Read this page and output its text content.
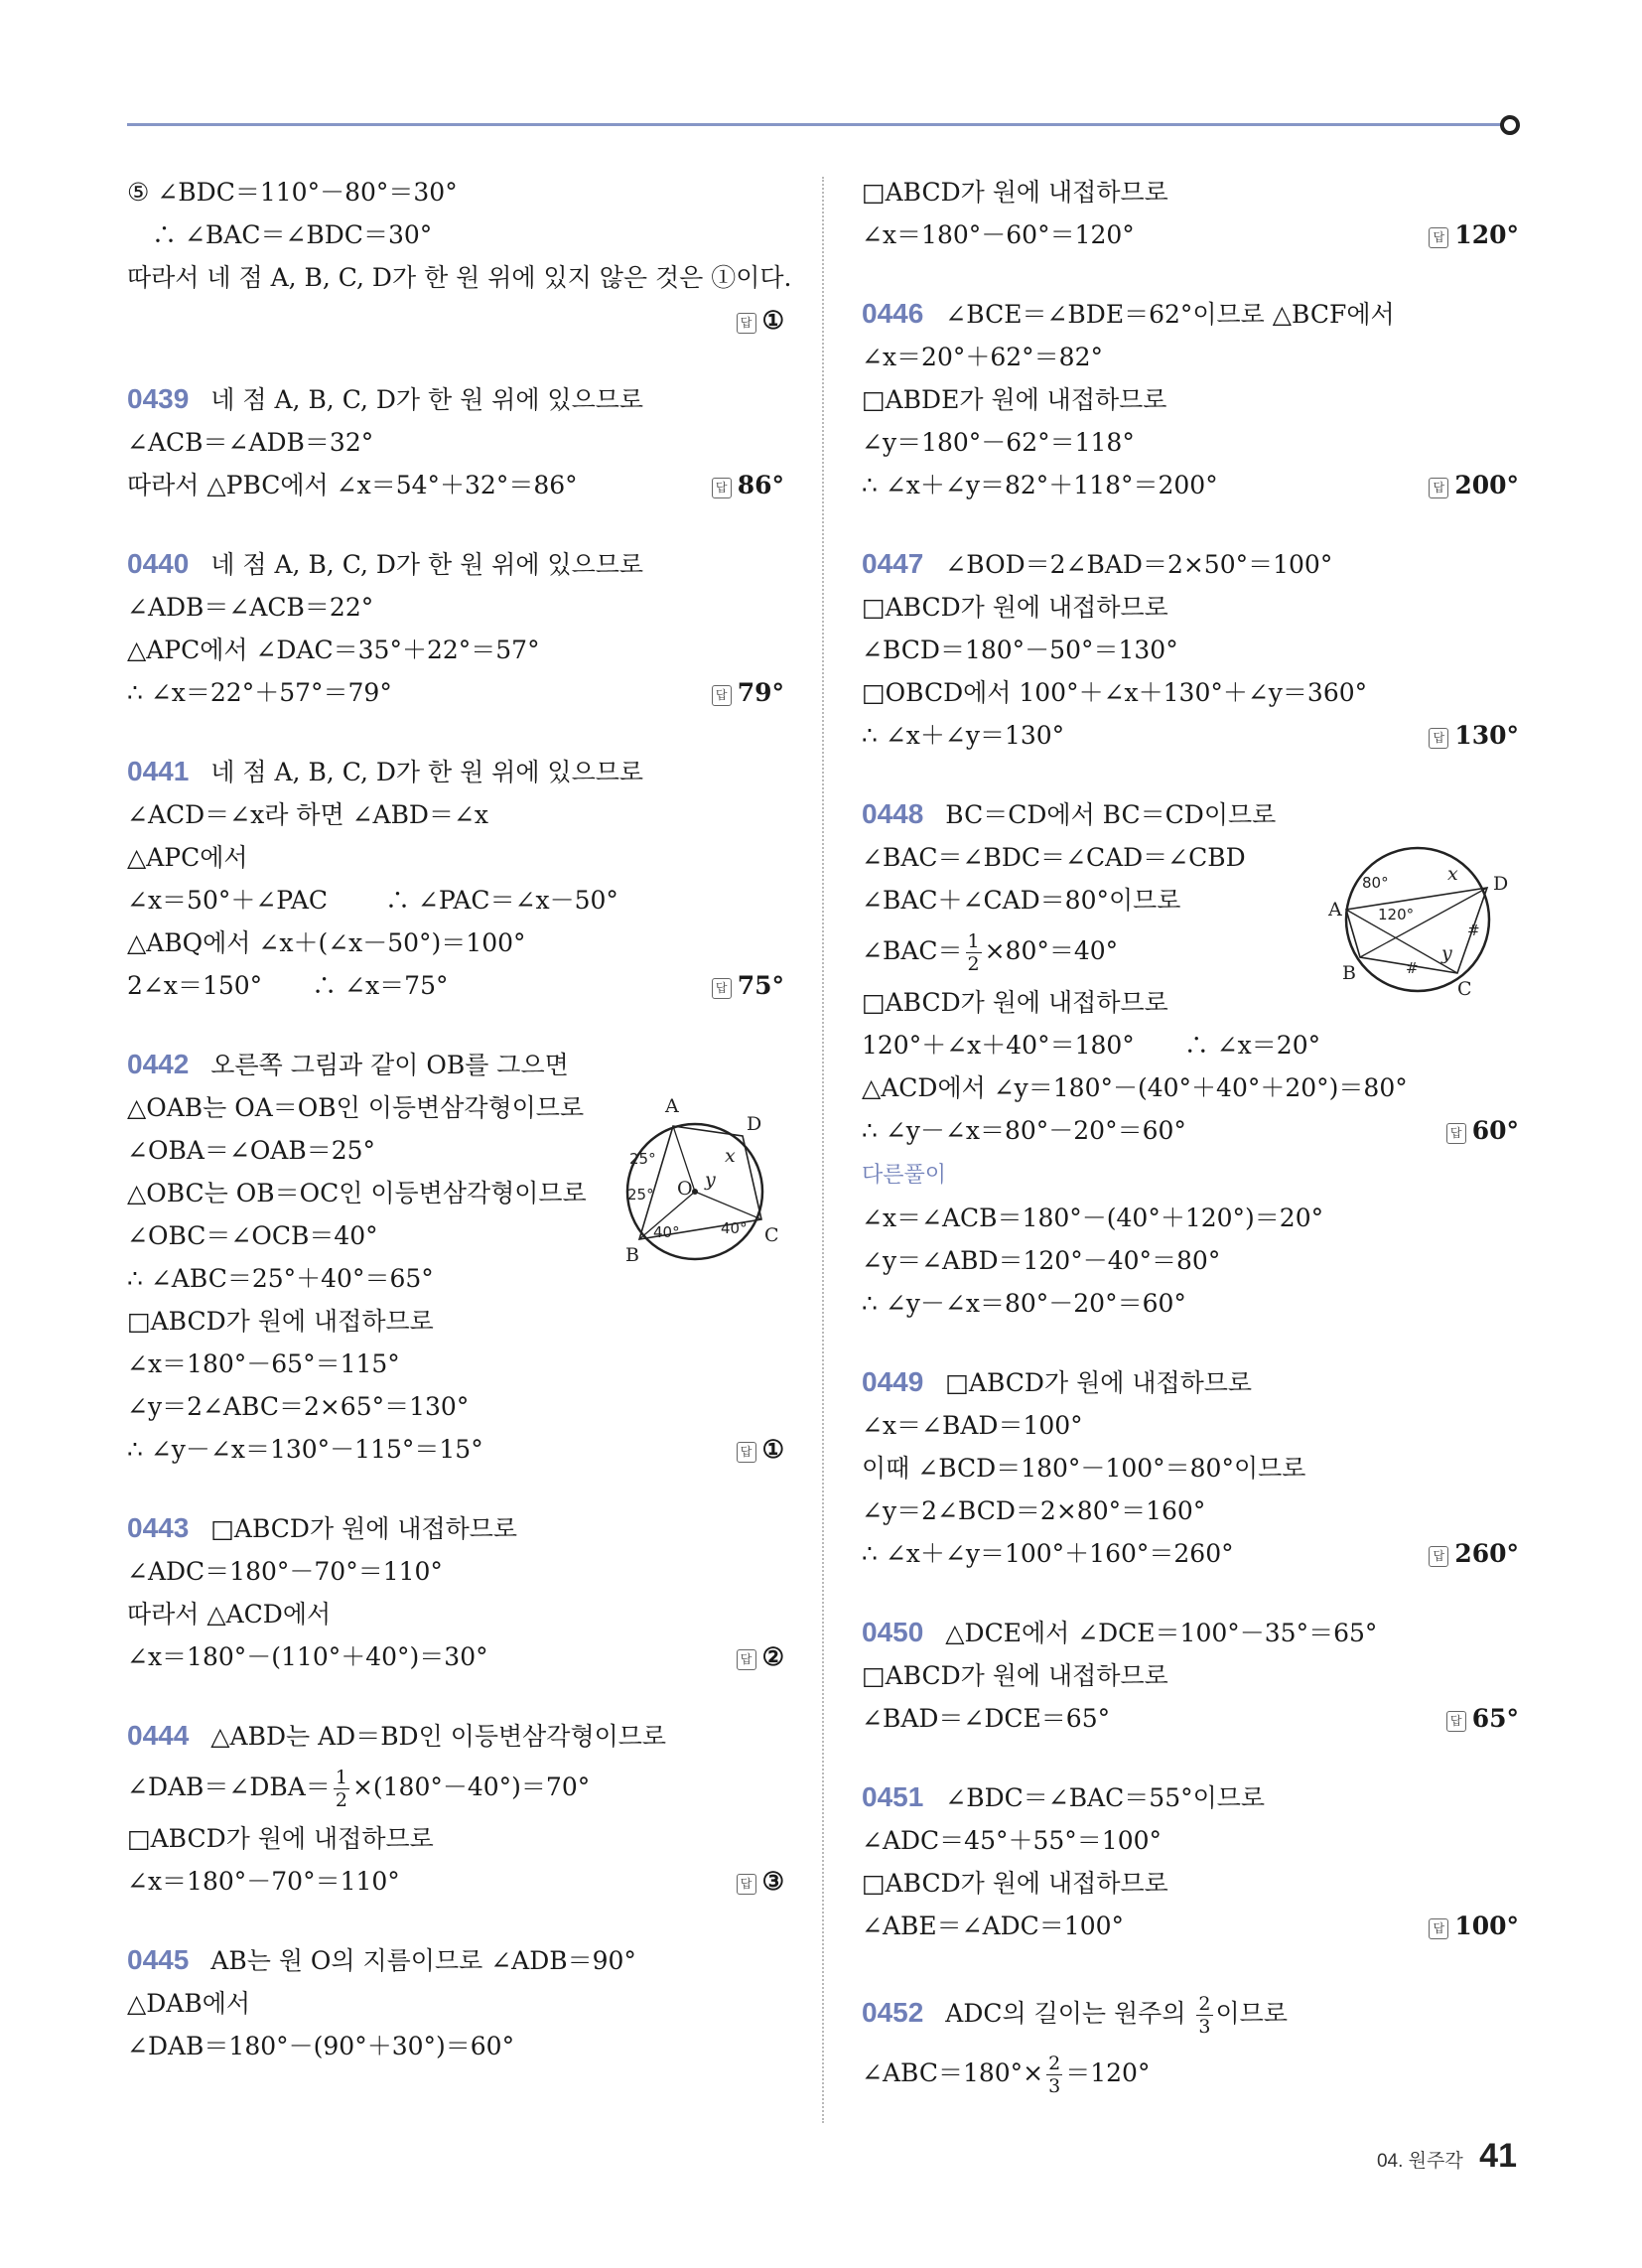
⑤ ∠BDC＝110°－80°＝30°
　∴ ∠BAC＝∠BDC＝30°
따라서 네 점 A, B, C, D가 한 원 위에 있지 않은 것은 ①이다.
답 ①
0439 네 점 A, B, C, D가 한 원 위에 있으므로
∠ACB＝∠ADB＝32°
따라서 △PBC에서 ∠x＝54°＋32°＝86°	답 86°
0440 네 점 A, B, C, D가 한 원 위에 있으므로
∠ADB＝∠ACB＝22°
△APC에서 ∠DAC＝35°＋22°＝57°
∴ ∠x＝22°＋57°＝79°	답 79°
0441 네 점 A, B, C, D가 한 원 위에 있으므로
∠ACD＝∠x라 하면 ∠ABD＝∠x
△APC에서
∠x＝50°＋∠PAC　　 ∴ ∠PAC＝∠x－50°
△ABQ에서 ∠x＋(∠x－50°)＝100°
2∠x＝150°　　∴ ∠x＝75°	답 75°
0442 오른쪽 그림과 같이 OB를 그으면
△OAB는 OA＝OB인 이등변삼각형이므로
∠OBA＝∠OAB＝25°
△OBC는 OB＝OC인 이등변삼각형이므로
∠OBC＝∠OCB＝40°
∴ ∠ABC＝25°＋40°＝65°
□ABCD가 원에 내접하므로
∠x＝180°－65°＝115°
∠y＝2∠ABC＝2×65°＝130°
∴ ∠y－∠x＝130°－115°＝15°	답 ①
0443 □ABCD가 원에 내접하므로
∠ADC＝180°－70°＝110°
따라서 △ACD에서
∠x＝180°－(110°＋40°)＝30°	답 ②
0444 △ABD는 AD＝BD인 이등변삼각형이므로
∠DAB＝∠DBA＝ $\frac{1}{2} \times(180^\circ-40^\circ)=70^\circ$
□ABCD가 원에 내접하므로
∠x＝180°－70°＝110°	답 ③
0445 AB는 원 O의 지름이므로 ∠ADB＝90°
△DAB에서
∠DAB＝180°－(90°＋30°)＝60°
□ABCD가 원에 내접하므로
∠x＝180°－60°＝120°	답 120°
0446 ∠BCE＝∠BDE＝62°이므로 △BCF에서
∠x＝20°＋62°＝82°
□ABDE가 원에 내접하므로
∠y＝180°－62°＝118°
∴ ∠x＋∠y＝82°＋118°＝200°	답 200°
0447 ∠BOD＝2∠BAD＝2×50°＝100°
□ABCD가 원에 내접하므로
∠BCD＝180°－50°＝130°
□OBCD에서 100°＋∠x＋130°＋∠y＝360°
∴ ∠x＋∠y＝130°	답 130°
0448 BC＝CD에서 BC＝CD이므로
∠BAC＝∠BDC＝∠CAD＝∠CBD
∠BAC＋∠CAD＝80°이므로
∠BAC＝ $\frac{1}{2} \times 80^\circ=40^\circ$
□ABCD가 원에 내접하므로
120°＋∠x＋40°＝180°　　∴ ∠x＝20°
△ACD에서 ∠y＝180°－(40°＋40°＋20°)＝80°
∴ ∠y－∠x＝80°－20°＝60°	답 60°
다른풀이
∠x＝∠ACB＝180°－(40°＋120°)＝20°
∠y＝∠ABD＝120°－40°＝80°
∴ ∠y－∠x＝80°－20°＝60°
0449 □ABCD가 원에 내접하므로
∠x＝∠BAD＝100°
이때 ∠BCD＝180°－100°＝80°이므로
∠y＝2∠BCD＝2×80°＝160°
∴ ∠x＋∠y＝100°＋160°＝260°	답 260°
0450 △DCE에서 ∠DCE＝100°－35°＝65°
□ABCD가 원에 내접하므로
∠BAD＝∠DCE＝65°	답 65°
0451 ∠BDC＝∠BAC＝55°이므로
∠ADC＝45°＋55°＝100°
□ABCD가 원에 내접하므로
∠ABE＝∠ADC＝100°	답 100°
0452 ADC의 길이는 원주의 $\frac{2}{3}$ 이므로
∠ABC＝180°× $\frac{2}{3} =120^\circ$
A
D
B
C
O
x
y
25°
25°
40°	40°
A
D
B
C
x
y
80°
120°
#
#
04. 원주각 41
